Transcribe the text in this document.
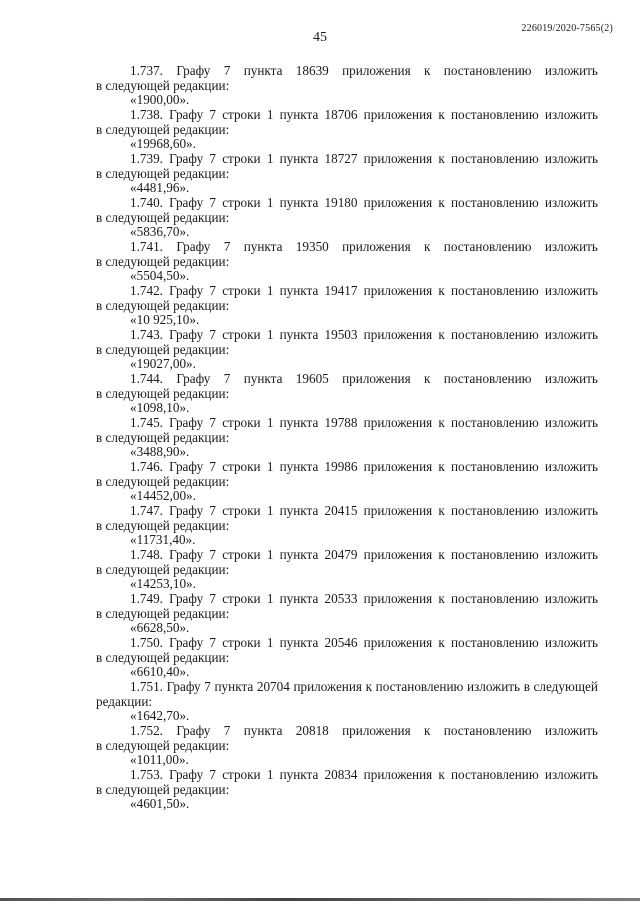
226019/2020-7565(2)
45
1.737. Графу 7 пункта 18639 приложения к постановлению изложить
в следующей редакции:
«1900,00».
1.738. Графу 7 строки 1 пункта 18706 приложения к постановлению изложить
в следующей редакции:
«19968,60».
1.739. Графу 7 строки 1 пункта 18727 приложения к постановлению изложить
в следующей редакции:
«4481,96».
1.740. Графу 7 строки 1 пункта 19180 приложения к постановлению изложить
в следующей редакции:
«5836,70».
1.741. Графу 7 пункта 19350 приложения к постановлению изложить
в следующей редакции:
«5504,50».
1.742. Графу 7 строки 1 пункта 19417 приложения к постановлению изложить
в следующей редакции:
«10 925,10».
1.743. Графу 7 строки 1 пункта 19503 приложения к постановлению изложить
в следующей редакции:
«19027,00».
1.744. Графу 7 пункта 19605 приложения к постановлению изложить
в следующей редакции:
«1098,10».
1.745. Графу 7 строки 1 пункта 19788 приложения к постановлению изложить
в следующей редакции:
«3488,90».
1.746. Графу 7 строки 1 пункта 19986 приложения к постановлению изложить
в следующей редакции:
«14452,00».
1.747. Графу 7 строки 1 пункта 20415 приложения к постановлению изложить
в следующей редакции:
«11731,40».
1.748. Графу 7 строки 1 пункта 20479 приложения к постановлению изложить
в следующей редакции:
«14253,10».
1.749. Графу 7 строки 1 пункта 20533 приложения к постановлению изложить
в следующей редакции:
«6628,50».
1.750. Графу 7 строки 1 пункта 20546 приложения к постановлению изложить
в следующей редакции:
«6610,40».
1.751. Графу 7 пункта 20704 приложения к постановлению изложить в следующей
редакции:
«1642,70».
1.752. Графу 7 пункта 20818 приложения к постановлению изложить
в следующей редакции:
«1011,00».
1.753. Графу 7 строки 1 пункта 20834 приложения к постановлению изложить
в следующей редакции:
«4601,50».
